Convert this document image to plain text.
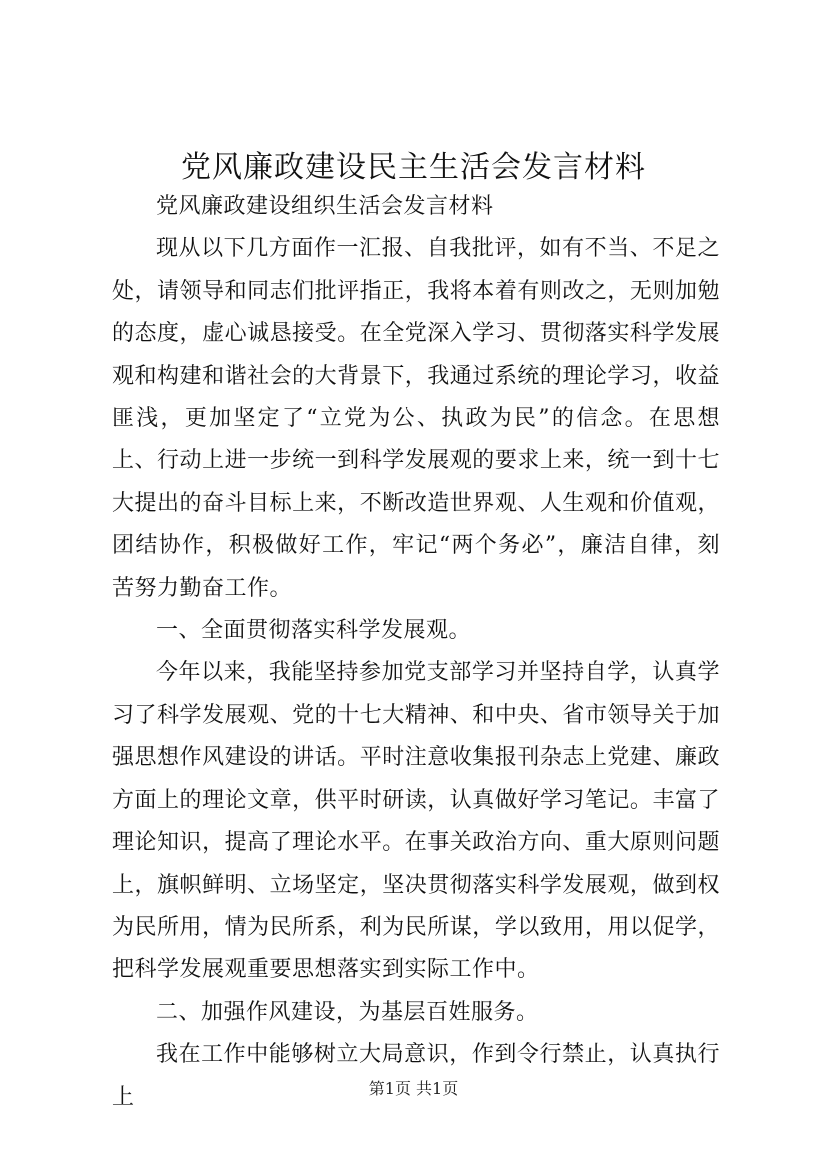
党风廉政建设民主生活会发言材料

党风廉政建设组织生活会发言材料

现从以下几方面作一汇报、自我批评，如有不当、不足之处，请领导和同志们批评指正，我将本着有则改之，无则加勉的态度，虚心诚恳接受。在全党深入学习、贯彻落实科学发展观和构建和谐社会的大背景下，我通过系统的理论学习，收益匪浅，更加坚定了“立党为公、执政为民”的信念。在思想上、行动上进一步统一到科学发展观的要求上来，统一到十七大提出的奋斗目标上来，不断改造世界观、人生观和价值观，团结协作，积极做好工作，牢记“两个务必”，廉洁自律，刻苦努力勤奋工作。

一、全面贯彻落实科学发展观。

今年以来，我能坚持参加党支部学习并坚持自学，认真学习了科学发展观、党的十七大精神、和中央、省市领导关于加强思想作风建设的讲话。平时注意收集报刊杂志上党建、廉政方面上的理论文章，供平时研读，认真做好学习笔记。丰富了理论知识，提高了理论水平。在事关政治方向、重大原则问题上，旗帜鲜明、立场坚定，坚决贯彻落实科学发展观，做到权为民所用，情为民所系，利为民所谋，学以致用，用以促学，把科学发展观重要思想落实到实际工作中。

二、加强作风建设，为基层百姓服务。

我在工作中能够树立大局意识，作到令行禁止，认真执行上	第1页 共1页
